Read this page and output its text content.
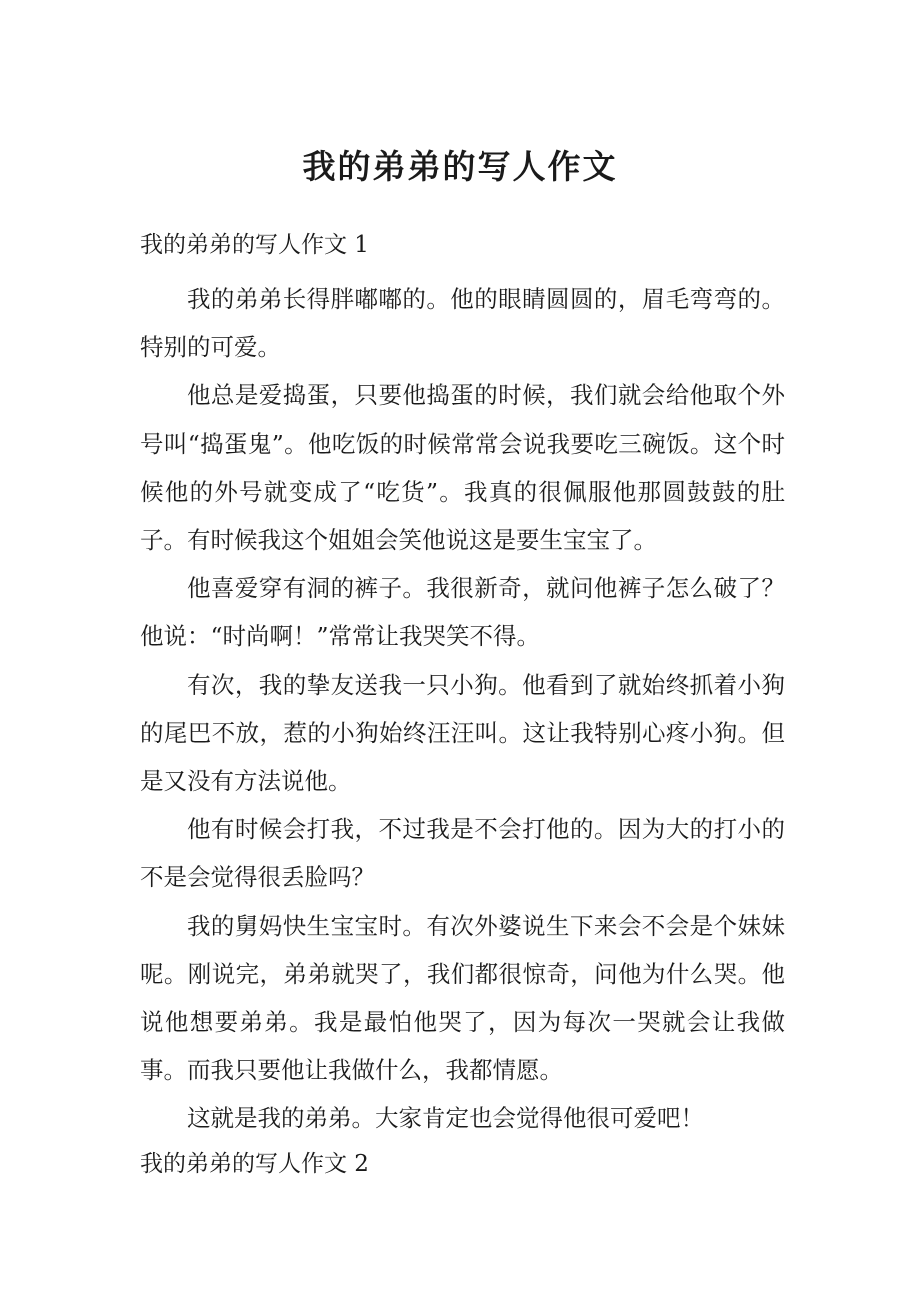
我的弟弟的写人作文
我的弟弟的写人作文 1

我的弟弟长得胖嘟嘟的。他的眼睛圆圆的，眉毛弯弯的。特别的可爱。

他总是爱捣蛋，只要他捣蛋的时候，我们就会给他取个外号叫“捣蛋鬼”。他吃饭的时候常常会说我要吃三碗饭。这个时候他的外号就变成了“吃货”。我真的很佩服他那圆鼓鼓的肚子。有时候我这个姐姐会笑他说这是要生宝宝了。

他喜爱穿有洞的裤子。我很新奇，就问他裤子怎么破了？他说：“时尚啊！”常常让我哭笑不得。

有次，我的挚友送我一只小狗。他看到了就始终抓着小狗的尾巴不放，惹的小狗始终汪汪叫。这让我特别心疼小狗。但是又没有方法说他。

他有时候会打我，不过我是不会打他的。因为大的打小的不是会觉得很丢脸吗？

我的舅妈快生宝宝时。有次外婆说生下来会不会是个妹妹呢。刚说完，弟弟就哭了，我们都很惊奇，问他为什么哭。他说他想要弟弟。我是最怕他哭了，因为每次一哭就会让我做事。而我只要他让我做什么，我都情愿。

这就是我的弟弟。大家肯定也会觉得他很可爱吧！

我的弟弟的写人作文 2
